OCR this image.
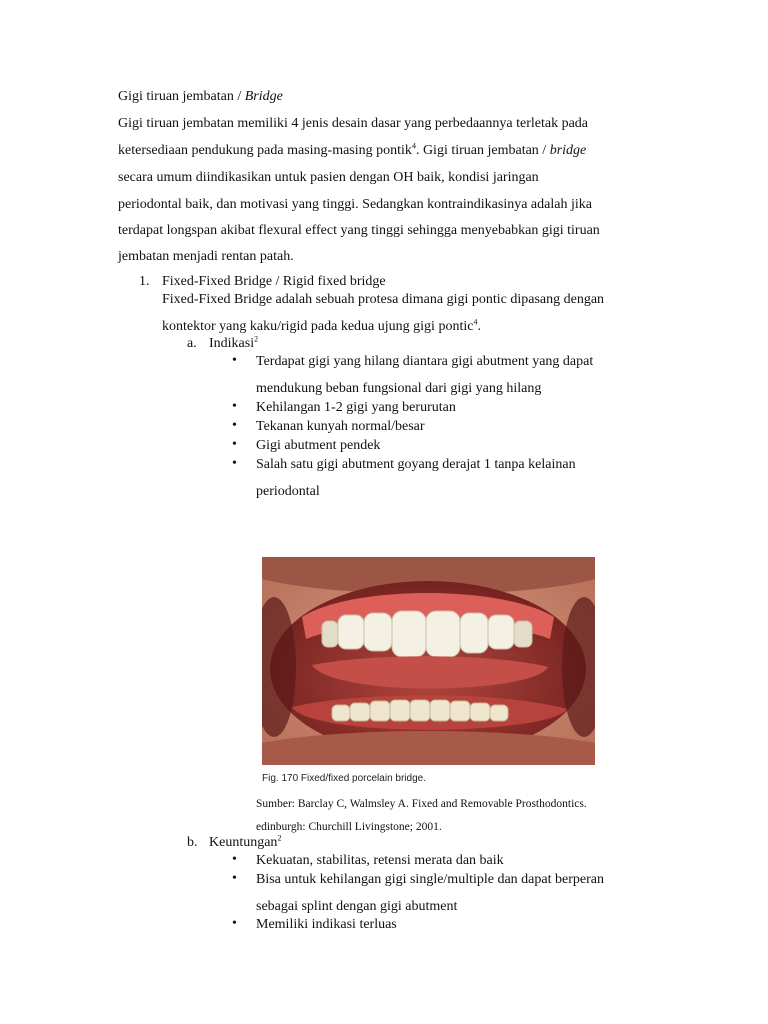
Gigi tiruan jembatan / Bridge
Gigi tiruan jembatan memiliki 4 jenis desain dasar yang perbedaannya terletak pada
ketersediaan pendukung pada masing-masing pontik$^4$. Gigi tiruan jembatan / bridge
secara umum diindikasikan untuk pasien dengan OH baik, kondisi jaringan
periodontal baik, dan motivasi yang tinggi. Sedangkan kontraindikasinya adalah jika
terdapat longspan akibat flexural effect yang tinggi sehingga menyebabkan gigi tiruan
jembatan menjadi rentan patah.
1. Fixed-Fixed Bridge / Rigid fixed bridge
Fixed-Fixed Bridge adalah sebuah protesa dimana gigi pontic dipasang dengan
kontektor yang kaku/rigid pada kedua ujung gigi pontic$^4$.
a. Indikasi$^2$
• Terdapat gigi yang hilang diantara gigi abutment yang dapat
mendukung beban fungsional dari gigi yang hilang
• Kehilangan 1-2 gigi yang berurutan
• Tekanan kunyah normal/besar
• Gigi abutment pendek
• Salah satu gigi abutment goyang derajat 1 tanpa kelainan
periodontal
Fig. 170 Fixed/fixed porcelain bridge.
Sumber: Barclay C, Walmsley A. Fixed and Removable Prosthodontics.
edinburgh: Churchill Livingstone; 2001.
b. Keuntungan$^2$
• Kekuatan, stabilitas, retensi merata dan baik
• Bisa untuk kehilangan gigi single/multiple dan dapat berperan
sebagai splint dengan gigi abutment
• Memiliki indikasi terluas
